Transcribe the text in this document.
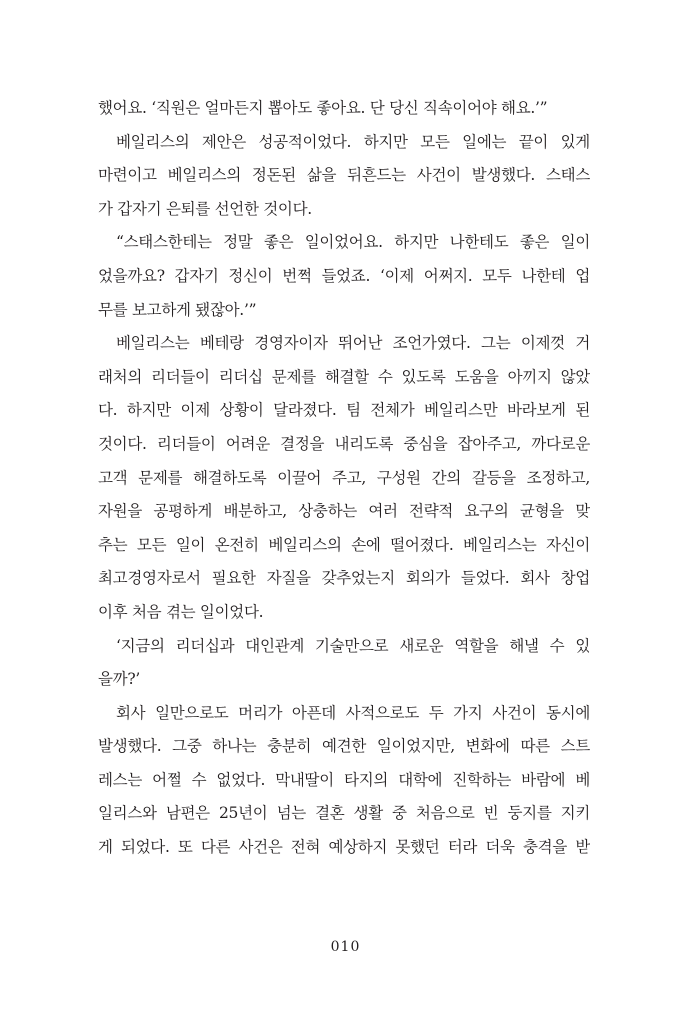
했어요. ‘직원은 얼마든지 뽑아도 좋아요. 단 당신 직속이어야 해요.’”
베일리스의 제안은 성공적이었다. 하지만 모든 일에는 끝이 있게
마련이고 베일리스의 정돈된 삶을 뒤흔드는 사건이 발생했다. 스태스
가 갑자기 은퇴를 선언한 것이다.
“스태스한테는 정말 좋은 일이었어요. 하지만 나한테도 좋은 일이
었을까요? 갑자기 정신이 번쩍 들었죠. ‘이제 어쩌지. 모두 나한테 업
무를 보고하게 됐잖아.’”
베일리스는 베테랑 경영자이자 뛰어난 조언가였다. 그는 이제껏 거
래처의 리더들이 리더십 문제를 해결할 수 있도록 도움을 아끼지 않았
다. 하지만 이제 상황이 달라졌다. 팀 전체가 베일리스만 바라보게 된
것이다. 리더들이 어려운 결정을 내리도록 중심을 잡아주고, 까다로운
고객 문제를 해결하도록 이끌어 주고, 구성원 간의 갈등을 조정하고,
자원을 공평하게 배분하고, 상충하는 여러 전략적 요구의 균형을 맞
추는 모든 일이 온전히 베일리스의 손에 떨어졌다. 베일리스는 자신이
최고경영자로서 필요한 자질을 갖추었는지 회의가 들었다. 회사 창업
이후 처음 겪는 일이었다.
‘지금의 리더십과 대인관계 기술만으로 새로운 역할을 해낼 수 있
을까?’
회사 일만으로도 머리가 아픈데 사적으로도 두 가지 사건이 동시에
발생했다. 그중 하나는 충분히 예견한 일이었지만, 변화에 따른 스트
레스는 어쩔 수 없었다. 막내딸이 타지의 대학에 진학하는 바람에 베
일리스와 남편은 25년이 넘는 결혼 생활 중 처음으로 빈 둥지를 지키
게 되었다. 또 다른 사건은 전혀 예상하지 못했던 터라 더욱 충격을 받
010
